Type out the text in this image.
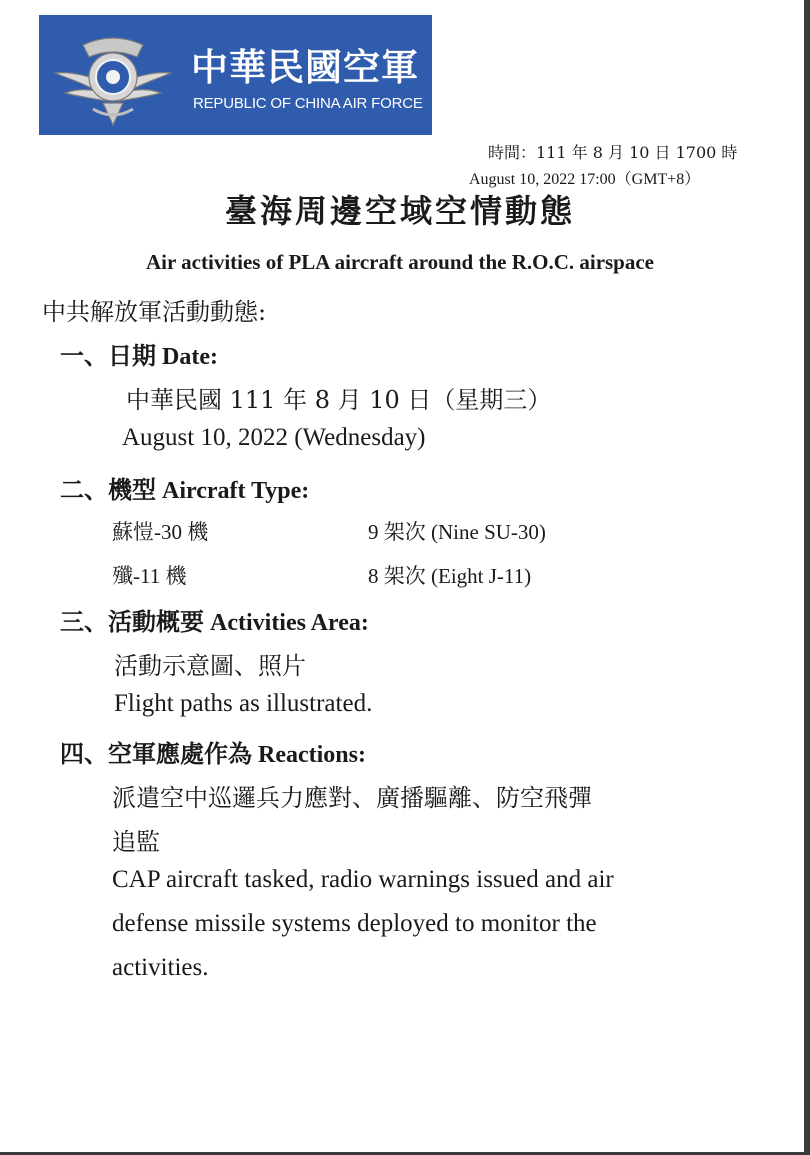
中華民國空軍
REPUBLIC OF CHINA AIR FORCE
時間：111 年 8 月 10 日 1700 時
August 10, 2022 17:00（GMT+8）
臺海周邊空域空情動態
Air activities of PLA aircraft around the R.O.C. airspace
中共解放軍活動動態:
一、日期 Date:
中華民國 111 年 8 月 10 日（星期三）
August 10, 2022 (Wednesday)
二、機型 Aircraft Type:
蘇愷-30 機	9 架次 (Nine SU-30)
殲-11 機	8 架次 (Eight J-11)
三、活動概要 Activities Area:
活動示意圖、照片
Flight paths as illustrated.
四、空軍應處作為 Reactions:
派遣空中巡邏兵力應對、廣播驅離、防空飛彈
追監
CAP aircraft tasked, radio warnings issued and air
defense missile systems deployed to monitor the
activities.
